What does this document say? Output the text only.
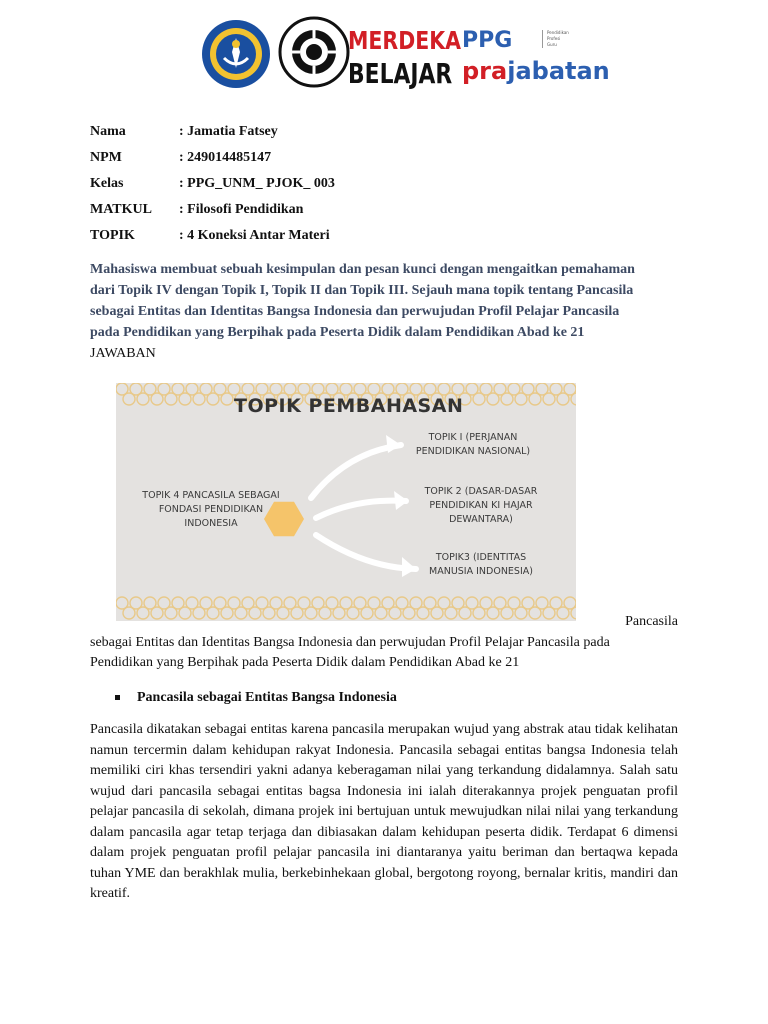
MERDEKA
BELAJAR
PPG	Pendidikan
Profesi
Guru
prajabatan
Nama	: Jamatia Fatsey
NPM	: 249014485147
Kelas	: PPG_UNM_ PJOK_ 003
MATKUL : Filosofi Pendidikan
TOPIK	: 4 Koneksi Antar Materi
Mahasiswa membuat sebuah kesimpulan dan pesan kunci dengan mengaitkan pemahaman
dari Topik IV dengan Topik I, Topik II dan Topik III. Sejauh mana topik tentang Pancasila
sebagai Entitas dan Identitas Bangsa Indonesia dan perwujudan Profil Pelajar Pancasila
pada Pendidikan yang Berpihak pada Peserta Didik dalam Pendidikan Abad ke 21
JAWABAN
TOPIK PEMBAHASAN
TOPIK 4 PANCASILA SEBAGAI FONDASI PENDIDIKAN INDONESIA
TOPIK I (PERJANAN PENDIDIKAN NASIONAL)
TOPIK 2 (DASAR-DASAR PENDIDIKAN KI HAJAR DEWANTARA)
TOPIK3 (IDENTITAS MANUSIA INDONESIA)
Pancasila
sebagai Entitas dan Identitas Bangsa Indonesia dan perwujudan Profil Pelajar Pancasila pada
Pendidikan yang Berpihak pada Peserta Didik dalam Pendidikan Abad ke 21
Pancasila sebagai Entitas Bangsa Indonesia
Pancasila dikatakan sebagai entitas karena pancasila merupakan wujud yang abstrak atau tidak kelihatan namun tercermin dalam kehidupan rakyat Indonesia. Pancasila sebagai entitas bangsa Indonesia telah memiliki ciri khas tersendiri yakni adanya keberagaman nilai yang terkandung didalamnya. Salah satu wujud dari pancasila sebagai entitas bagsa Indonesia ini ialah diterakannya projek penguatan profil pelajar pancasila di sekolah, dimana projek ini bertujuan untuk mewujudkan nilai nilai yang terkandung dalam pancasila agar tetap terjaga dan dibiasakan dalam kehidupan peserta didik. Terdapat 6 dimensi dalam projek penguatan profil pelajar pancasila ini diantaranya yaitu beriman dan bertaqwa kepada tuhan YME dan berakhlak mulia, berkebinhekaan global, bergotong royong, bernalar kritis, mandiri dan kreatif.
